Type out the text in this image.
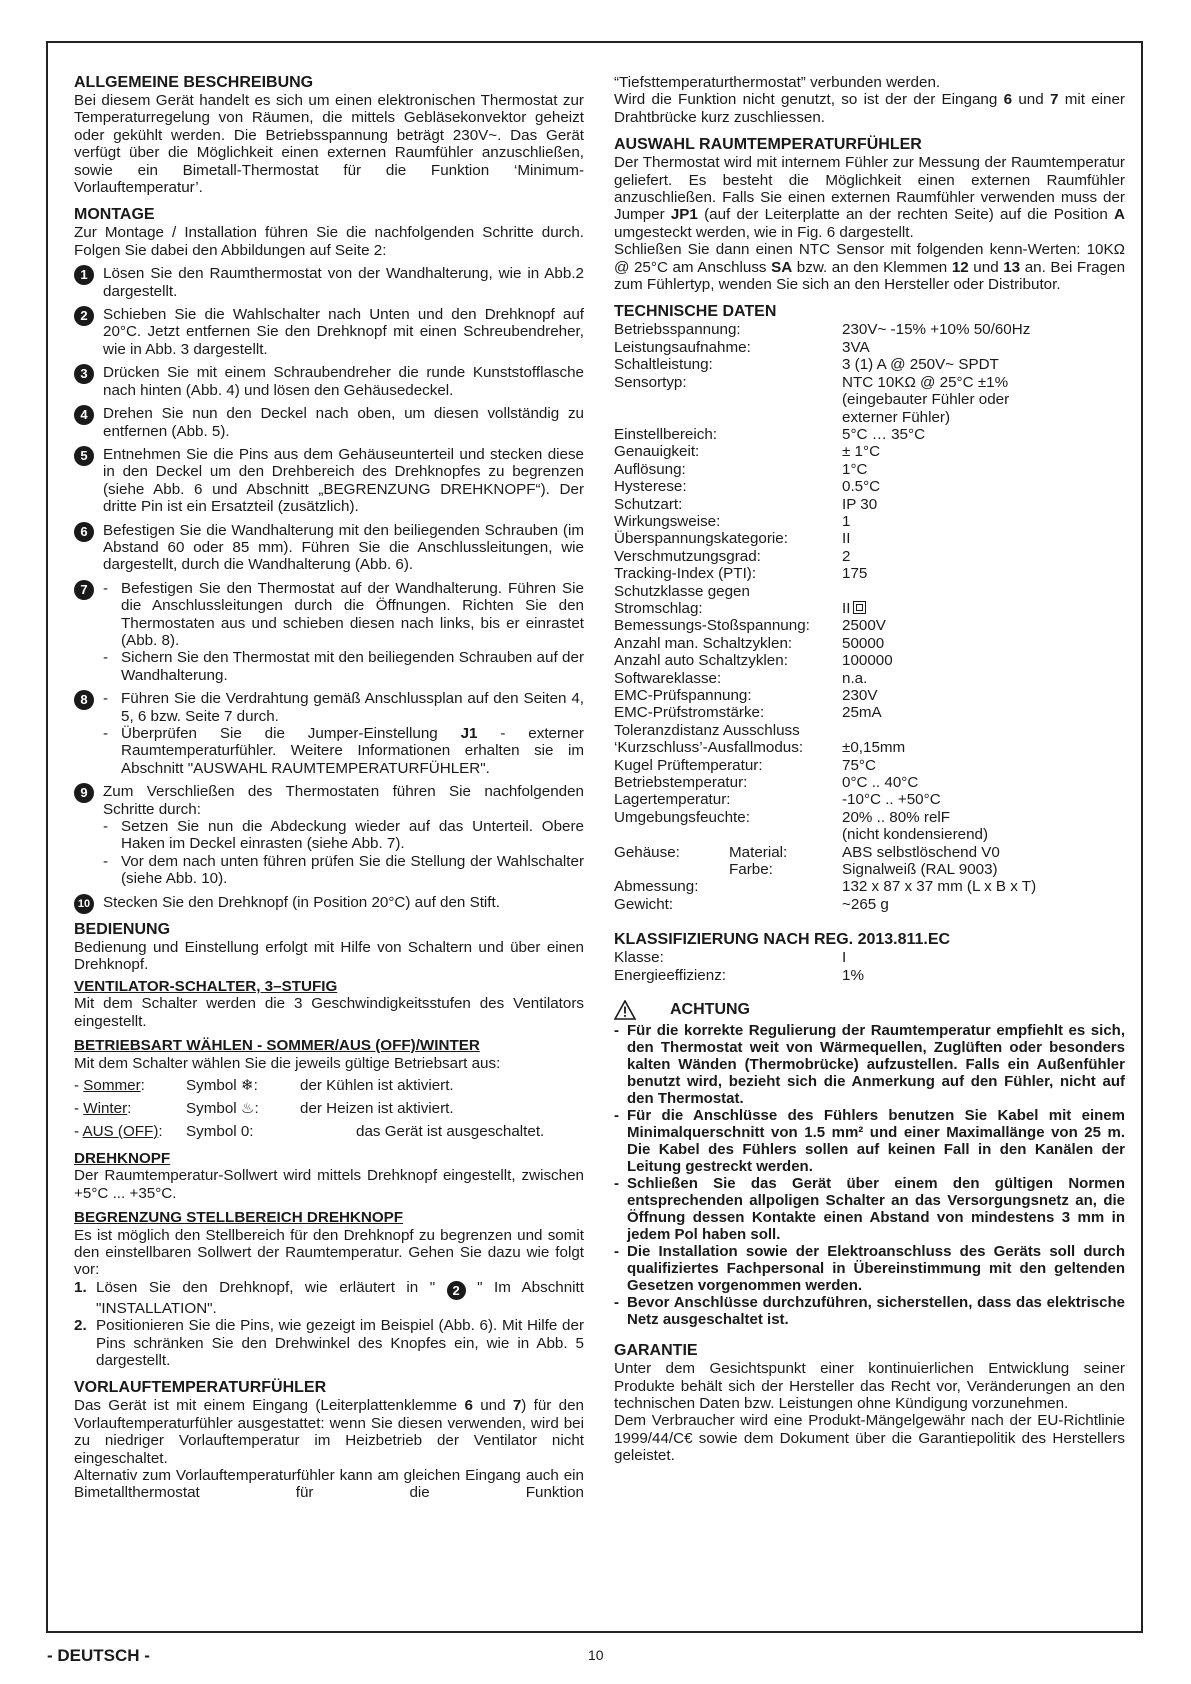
ALLGEMEINE BESCHREIBUNG

Bei diesem Gerät handelt es sich um einen elektronischen Thermostat zur Temperaturregelung von Räumen, die mittels Gebläsekonvektor geheizt oder gekühlt werden. Die Betriebsspannung beträgt 230V~. Das Gerät verfügt über die Möglichkeit einen externen Raumfühler anzuschließen, sowie ein Bimetall-Thermostat für die Funktion ‘Minimum-Vorlauftemperatur’.

MONTAGE

Zur Montage / Installation führen Sie die nachfolgenden Schritte durch. Folgen Sie dabei den Abbildungen auf Seite 2:

1	Lösen Sie den Raumthermostat von der Wandhalterung, wie in Abb.2 dargestellt.
2	Schieben Sie die Wahlschalter nach Unten und den Drehknopf auf 20°C. Jetzt entfernen Sie den Drehknopf mit einen Schreubendreher, wie in Abb. 3 dargestellt.
3	Drücken Sie mit einem Schraubendreher die runde Kunststofflasche nach hinten (Abb. 4) und lösen den Gehäusedeckel.
4	Drehen Sie nun den Deckel nach oben, um diesen vollständig zu entfernen (Abb. 5).
5	Entnehmen Sie die Pins aus dem Gehäuseunterteil und stecken diese in den Deckel um den Drehbereich des Drehknopfes zu begrenzen (siehe Abb. 6 und Abschnitt „BEGRENZUNG DREHKNOPF“). Der dritte Pin ist ein Ersatzteil (zusätzlich).
6	Befestigen Sie die Wandhalterung mit den beiliegenden Schrauben (im Abstand 60 oder 85 mm). Führen Sie die Anschlussleitungen, wie dargestellt, durch die Wandhalterung (Abb. 6).
7	- Befestigen Sie den Thermostat auf der Wandhalterung. Führen Sie die Anschlussleitungen durch die Öffnungen. Richten Sie den Thermostaten aus und schieben diesen nach links, bis er einrastet (Abb. 8).
- Sichern Sie den Thermostat mit den beiliegenden Schrauben auf der Wandhalterung.
8	- Führen Sie die Verdrahtung gemäß Anschlussplan auf den Seiten 4, 5, 6 bzw. Seite 7 durch.
- Überprüfen Sie die Jumper-Einstellung J1 - externer Raumtemperaturfühler. Weitere Informationen erhalten sie im Abschnitt "AUSWAHL RAUMTEMPERATURFÜHLER".
9	Zum Verschließen des Thermostaten führen Sie nachfolgenden Schritte durch:
- Setzen Sie nun die Abdeckung wieder auf das Unterteil. Obere Haken im Deckel einrasten (siehe Abb. 7).
- Vor dem nach unten führen prüfen Sie die Stellung der Wahlschalter (siehe Abb. 10).
10 Stecken Sie den Drehknopf (in Position 20°C) auf den Stift.

BEDIENUNG

Bedienung und Einstellung erfolgt mit Hilfe von Schaltern und über einen Drehknopf.

VENTILATOR-SCHALTER, 3–STUFIG

Mit dem Schalter werden die 3 Geschwindigkeitsstufen des Ventilators eingestellt.

BETRIEBSART WÄHLEN - SOMMER/AUS (OFF)/WINTER

Mit dem Schalter wählen Sie die jeweils gültige Betriebsart aus:

- Sommer:	Symbol ❄:	der Kühlen ist aktiviert.
- Winter:	Symbol ♨:	der Heizen ist aktiviert.
- AUS (OFF):	Symbol 0:	das Gerät ist ausgeschaltet.

DREHKNOPF

Der Raumtemperatur-Sollwert wird mittels Drehknopf eingestellt, zwischen +5°C ... +35°C.

BEGRENZUNG STELLBEREICH DREHKNOPF

Es ist möglich den Stellbereich für den Drehknopf zu begrenzen und somit den einstellbaren Sollwert der Raumtemperatur. Gehen Sie dazu wie folgt vor:

1. Lösen Sie den Drehknopf, wie erläutert in " 2 " Im Abschnitt "INSTALLATION".
2. Positionieren Sie die Pins, wie gezeigt im Beispiel (Abb. 6). Mit Hilfe der Pins schränken Sie den Drehwinkel des Knopfes ein, wie in Abb. 5 dargestellt.

VORLAUFTEMPERATURFÜHLER

Das Gerät ist mit einem Eingang (Leiterplattenklemme 6 und 7) für den Vorlauftemperaturfühler ausgestattet: wenn Sie diesen verwenden, wird bei zu niedriger Vorlauftemperatur im Heizbetrieb der Ventilator nicht eingeschaltet.

Alternativ zum Vorlauftemperaturfühler kann am gleichen Eingang auch ein Bimetallthermostat für die Funktion

“Tiefsttemperaturthermostat” verbunden werden.

Wird die Funktion nicht genutzt, so ist der der Eingang 6 und 7 mit einer Drahtbrücke kurz zuschliessen.

AUSWAHL RAUMTEMPERATURFÜHLER

Der Thermostat wird mit internem Fühler zur Messung der Raumtemperatur geliefert. Es besteht die Möglichkeit einen externen Raumfühler anzuschließen. Falls Sie einen externen Raumfühler verwenden muss der Jumper JP1 (auf der Leiterplatte an der rechten Seite) auf die Position A umgesteckt werden, wie in Fig. 6 dargestellt.

Schließen Sie dann einen NTC Sensor mit folgenden kenn-Werten: 10KΩ @ 25°C am Anschluss SA bzw. an den Klemmen 12 und 13 an. Bei Fragen zum Fühlertyp, wenden Sie sich an den Hersteller oder Distributor.

TECHNISCHE DATEN

Betriebsspannung:	230V~ -15% +10% 50/60Hz
Leistungsaufnahme:	3VA
Schaltleistung:	3 (1) A @ 250V~ SPDT
Sensortyp:	NTC 10KΩ @ 25°C ±1%
(eingebauter Fühler oder
externer Fühler)
Einstellbereich:	5°C … 35°C
Genauigkeit:	± 1°C
Auflösung:	1°C
Hysterese:	0.5°C
Schutzart:	IP 30
Wirkungsweise:	1
Überspannungskategorie:	II
Verschmutzungsgrad:	2
Tracking-Index (PTI):	175
Schutzklasse gegen
Stromschlag:	II
Bemessungs-Stoßspannung:	2500V
Anzahl man. Schaltzyklen:	50000
Anzahl auto Schaltzyklen:	100000
Softwareklasse:	n.a.
EMC-Prüfspannung:	230V
EMC-Prüfstromstärke:	25mA
Toleranzdistanz Ausschluss
‘Kurzschluss’-Ausfallmodus:	±0,15mm
Kugel Prüftemperatur:	75°C
Betriebstemperatur:	0°C .. 40°C
Lagertemperatur:	-10°C .. +50°C
Umgebungsfeuchte:	20% .. 80% relF
(nicht kondensierend)
Gehäuse:	Material:	ABS selbstlöschend V0
Farbe:	Signalweiß (RAL 9003)
Abmessung:	132 x 87 x 37 mm (L x B x T)
Gewicht:	~265 g

KLASSIFIZIERUNG NACH REG. 2013.811.EC

Klasse:	I
Energieeffizienz:	1%
ACHTUNG
- Für die korrekte Regulierung der Raumtemperatur empfiehlt es sich, den Thermostat weit von Wärmequellen, Zuglüften oder besonders kalten Wänden (Thermobrücke) aufzustellen. Falls ein Außenfühler benutzt wird, bezieht sich die Anmerkung auf den Fühler, nicht auf den Thermostat.
- Für die Anschlüsse des Fühlers benutzen Sie Kabel mit einem Minimalquerschnitt von 1.5 mm² und einer Maximallänge von 25 m. Die Kabel des Fühlers sollen auf keinen Fall in den Kanälen der Leitung gestreckt werden.
- Schließen Sie das Gerät über einem den gültigen Normen entsprechenden allpoligen Schalter an das Versorgungsnetz an, die Öffnung dessen Kontakte einen Abstand von mindestens 3 mm in jedem Pol haben soll.
- Die Installation sowie der Elektroanschluss des Geräts soll durch qualifiziertes Fachpersonal in Übereinstimmung mit den geltenden Gesetzen vorgenommen werden.
- Bevor Anschlüsse durchzuführen, sicherstellen, dass das elektrische Netz ausgeschaltet ist.

GARANTIE

Unter dem Gesichtspunkt einer kontinuierlichen Entwicklung seiner Produkte behält sich der Hersteller das Recht vor, Veränderungen an den technischen Daten bzw. Leistungen ohne Kündigung vorzunehmen.

Dem Verbraucher wird eine Produkt-Mängelgewähr nach der EU-Richtlinie 1999/44/C€ sowie dem Dokument über die Garantiepolitik des Herstellers geleistet.

- DEUTSCH -	10
